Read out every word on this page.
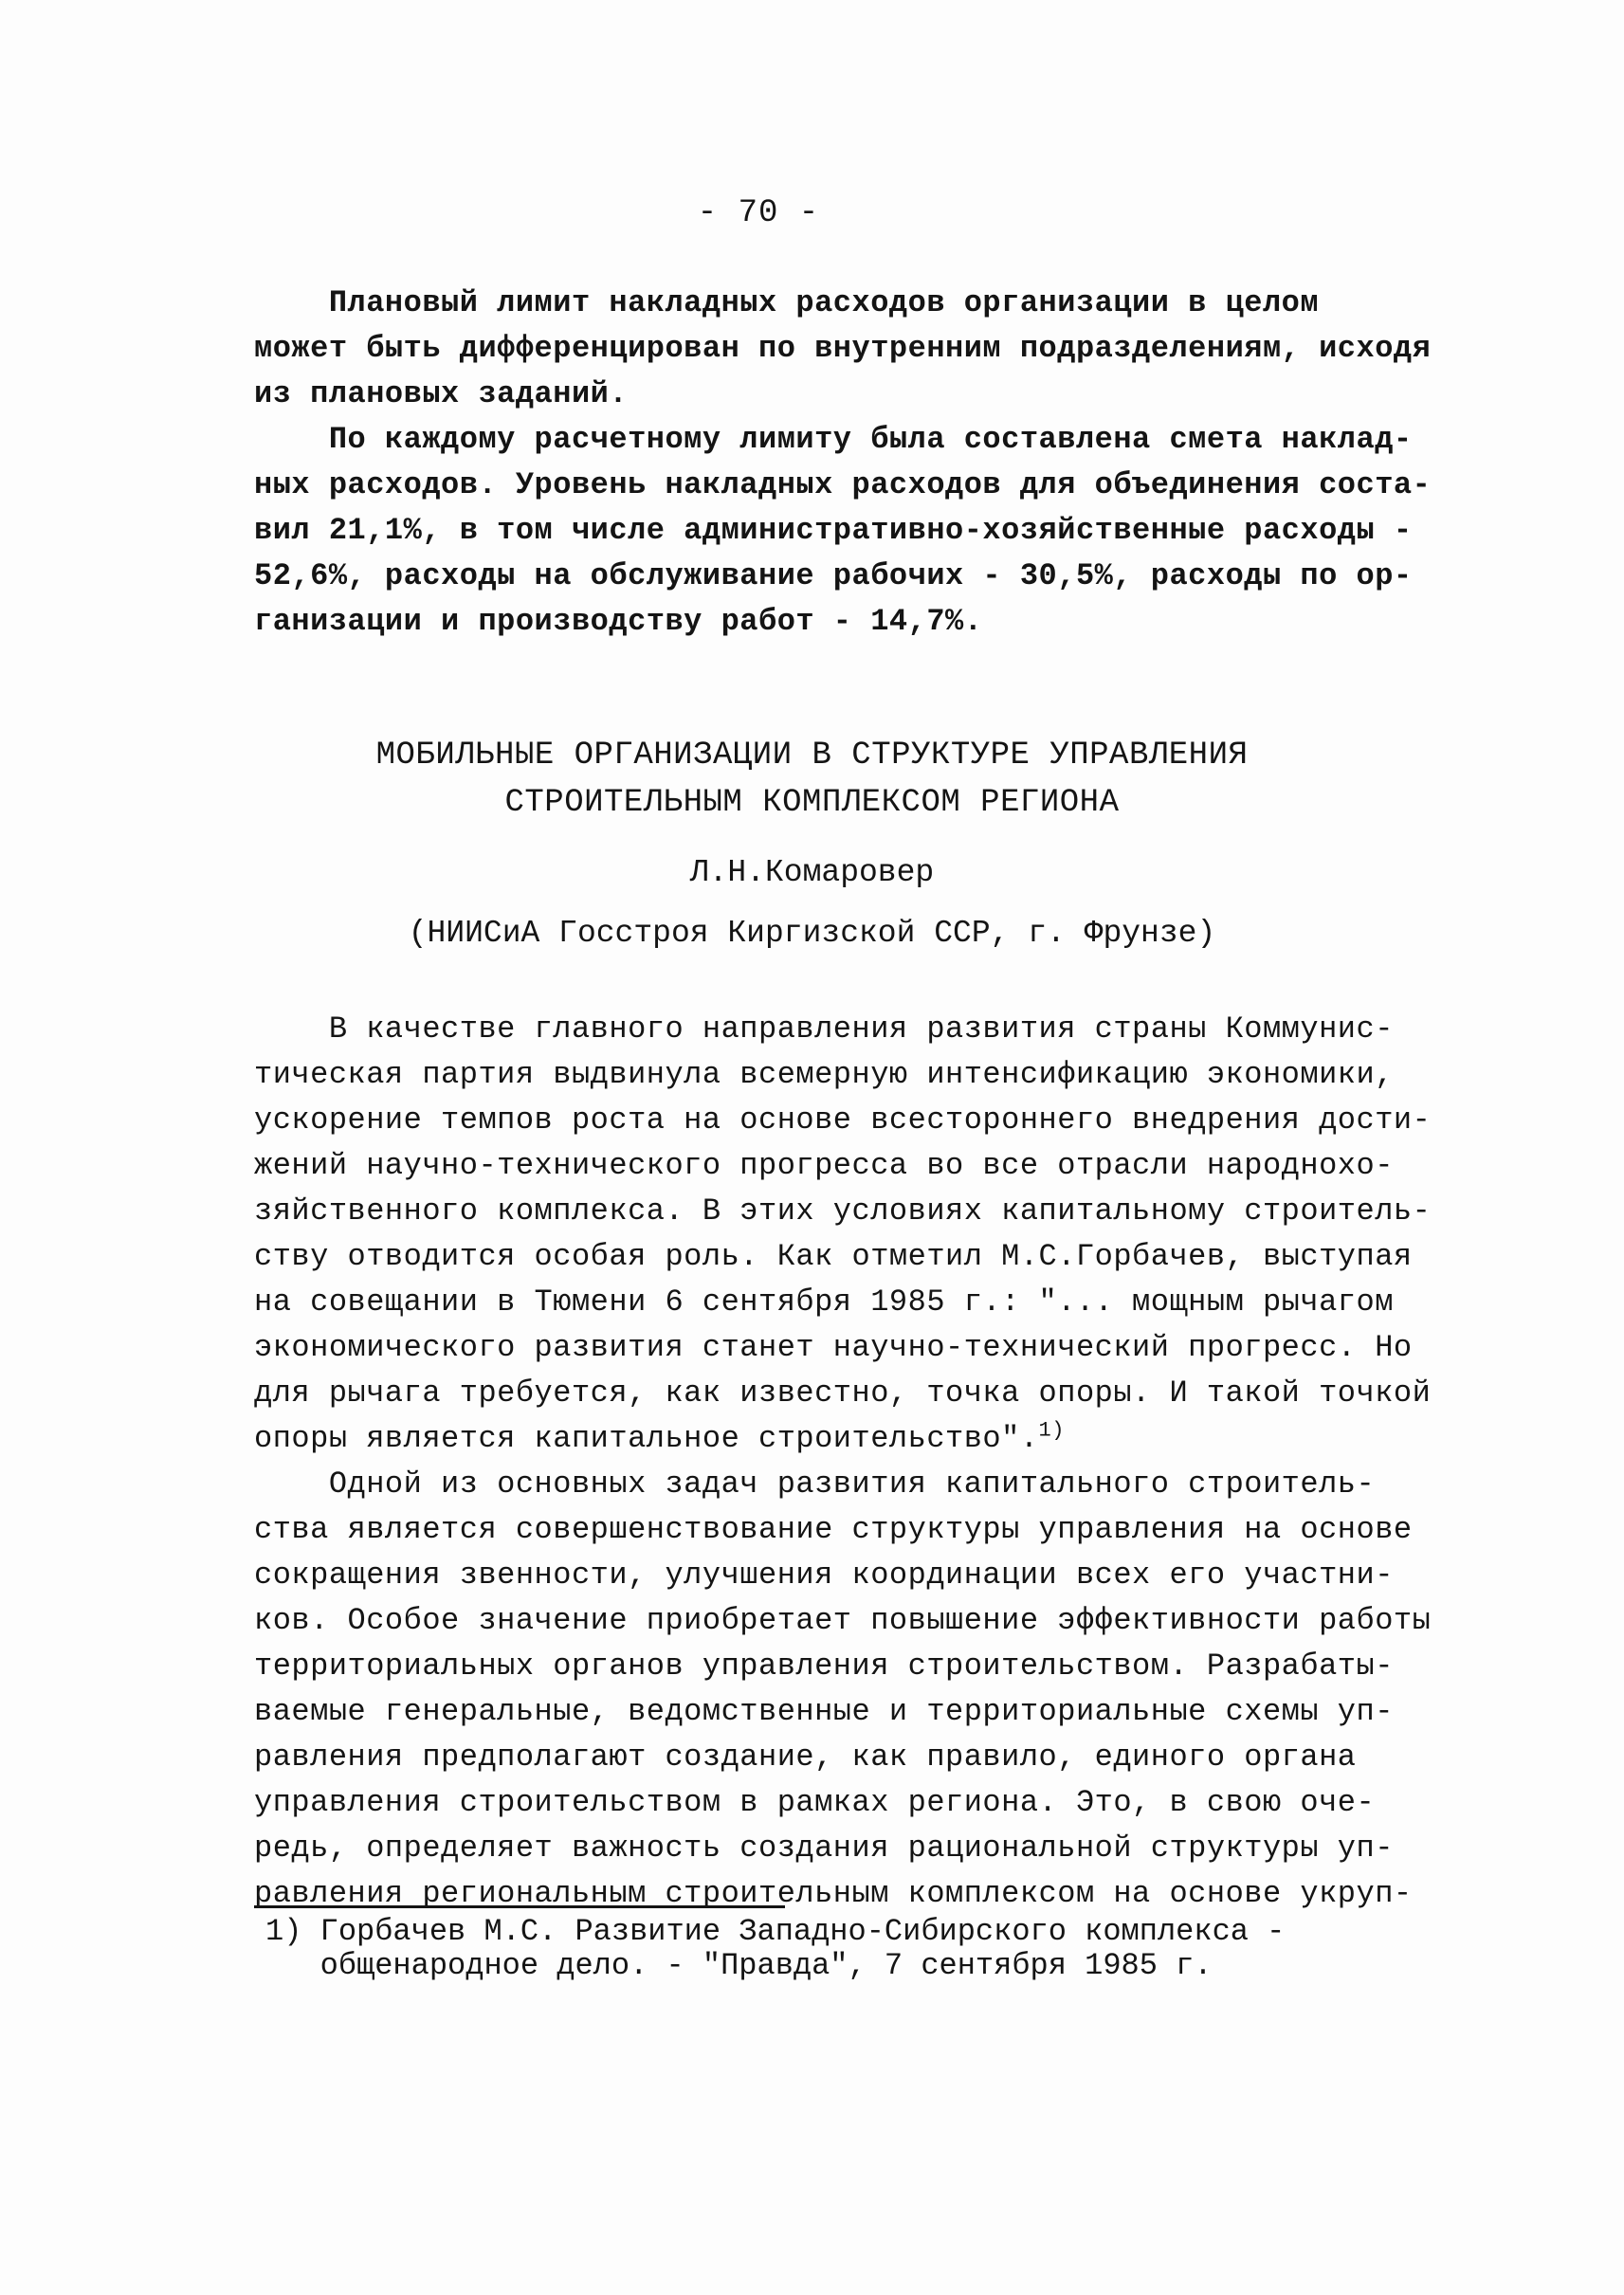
- 70 -
Плановый лимит накладных расходов организации в целом
может быть дифференцирован по внутренним подразделениям, исходя
из плановых заданий.
По каждому расчетному лимиту была составлена смета наклад-
ных расходов. Уровень накладных расходов для объединения соста-
вил 21,1%, в том числе административно-хозяйственные расходы -
52,6%, расходы на обслуживание рабочих - 30,5%, расходы по ор-
ганизации и производству работ - 14,7%.
МОБИЛЬНЫЕ ОРГАНИЗАЦИИ В СТРУКТУРЕ УПРАВЛЕНИЯ
СТРОИТЕЛЬНЫМ КОМПЛЕКСОМ РЕГИОНА
Л.Н.Комаровер
(НИИСиА Госстроя Киргизской ССР, г. Фрунзе)
В качестве главного направления развития страны Коммунис-
тическая партия выдвинула всемерную интенсификацию экономики,
ускорение темпов роста на основе всестороннего внедрения дости-
жений научно-технического прогресса во все отрасли народнохо-
зяйственного комплекса. В этих условиях капитальному строитель-
ству отводится особая роль. Как отметил М.С.Горбачев, выступая
на совещании в Тюмени 6 сентября 1985 г.: "... мощным рычагом
экономического развития станет научно-технический прогресс. Но
для рычага требуется, как известно, точка опоры. И такой точкой
опоры является капитальное строительство".$^{1)}$
Одной из основных задач развития капитального строитель-
ства является совершенствование структуры управления на основе
сокращения звенности, улучшения координации всех его участни-
ков. Особое значение приобретает повышение эффективности работы
территориальных органов управления строительством. Разрабаты-
ваемые генеральные, ведомственные и территориальные схемы уп-
равления предполагают создание, как правило, единого органа
управления строительством в рамках региона. Это, в свою оче-
редь, определяет важность создания рациональной структуры уп-
равления региональным строительным комплексом на основе укруп-
1) Горбачев М.С. Развитие Западно-Сибирского комплекса -
общенародное дело. - "Правда", 7 сентября 1985 г.
